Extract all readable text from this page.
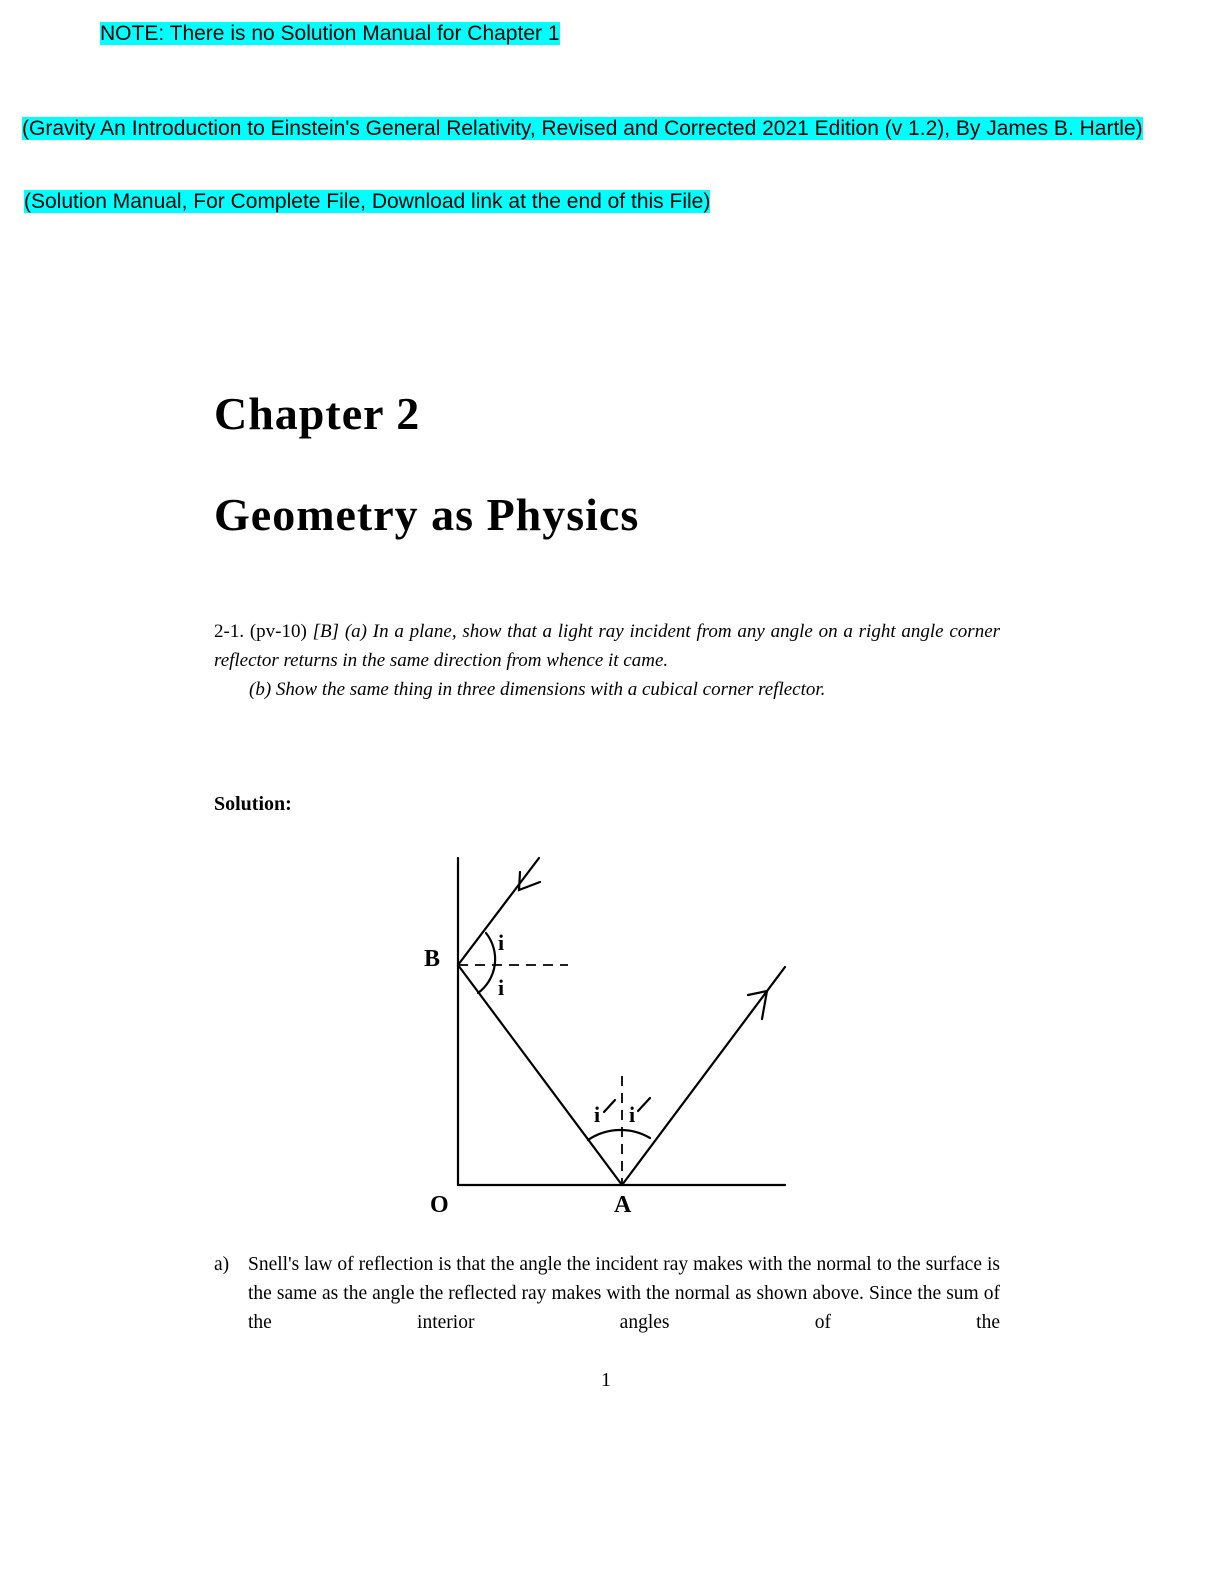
NOTE: There is no Solution Manual for Chapter 1
(Gravity An Introduction to Einstein's General Relativity, Revised and Corrected 2021 Edition (v 1.2), By James B. Hartle)
(Solution Manual, For Complete File, Download link at the end of this File)
Chapter 2
Geometry as Physics
2-1. (pv-10) [B] (a) In a plane, show that a light ray incident from any angle on a right angle corner reflector returns in the same direction from whence it came.
(b) Show the same thing in three dimensions with a cubical corner reflector.
Solution:
B
O	A
i
i
i i
a) Snell's law of reflection is that the angle the incident ray makes with the normal to the surface is the same as the angle the reflected ray makes with the normal as shown above. Since the sum of the interior angles of the
1
